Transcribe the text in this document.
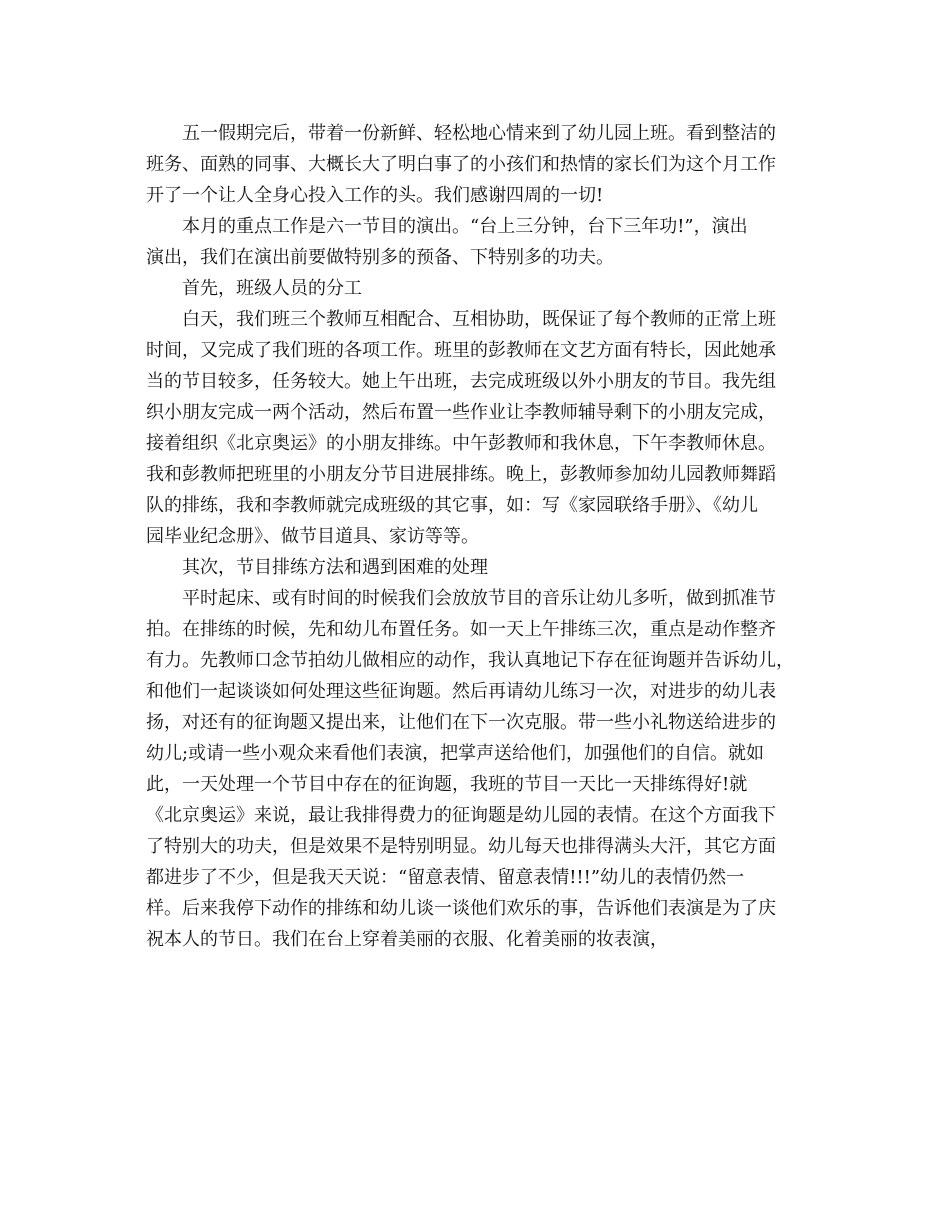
五一假期完后，带着一份新鲜、轻松地心情来到了幼儿园上班。看到整洁的
班务、面熟的同事、大概长大了明白事了的小孩们和热情的家长们为这个月工作
开了一个让人全身心投入工作的头。我们感谢四周的一切!
本月的重点工作是六一节目的演出。“台上三分钟，台下三年功!”，演出
演出，我们在演出前要做特别多的预备、下特别多的功夫。
首先，班级人员的分工
白天，我们班三个教师互相配合、互相协助，既保证了每个教师的正常上班
时间，又完成了我们班的各项工作。班里的彭教师在文艺方面有特长，因此她承
当的节目较多，任务较大。她上午出班，去完成班级以外小朋友的节目。我先组
织小朋友完成一两个活动，然后布置一些作业让李教师辅导剩下的小朋友完成，
接着组织《北京奥运》的小朋友排练。中午彭教师和我休息，下午李教师休息。
我和彭教师把班里的小朋友分节目进展排练。晚上，彭教师参加幼儿园教师舞蹈
队的排练，我和李教师就完成班级的其它事，如：写《家园联络手册》、《幼儿
园毕业纪念册》、做节目道具、家访等等。
其次，节目排练方法和遇到困难的处理
平时起床、或有时间的时候我们会放放节目的音乐让幼儿多听，做到抓准节
拍。在排练的时候，先和幼儿布置任务。如一天上午排练三次，重点是动作整齐
有力。先教师口念节拍幼儿做相应的动作，我认真地记下存在征询题并告诉幼儿，
和他们一起谈谈如何处理这些征询题。然后再请幼儿练习一次，对进步的幼儿表
扬，对还有的征询题又提出来，让他们在下一次克服。带一些小礼物送给进步的
幼儿;或请一些小观众来看他们表演，把掌声送给他们，加强他们的自信。就如
此，一天处理一个节目中存在的征询题，我班的节目一天比一天排练得好!就
《北京奥运》来说，最让我排得费力的征询题是幼儿园的表情。在这个方面我下
了特别大的功夫，但是效果不是特别明显。幼儿每天也排得满头大汗，其它方面
都进步了不少，但是我天天说：“留意表情、留意表情!!!”幼儿的表情仍然一
样。后来我停下动作的排练和幼儿谈一谈他们欢乐的事，告诉他们表演是为了庆
祝本人的节日。我们在台上穿着美丽的衣服、化着美丽的妆表演，
